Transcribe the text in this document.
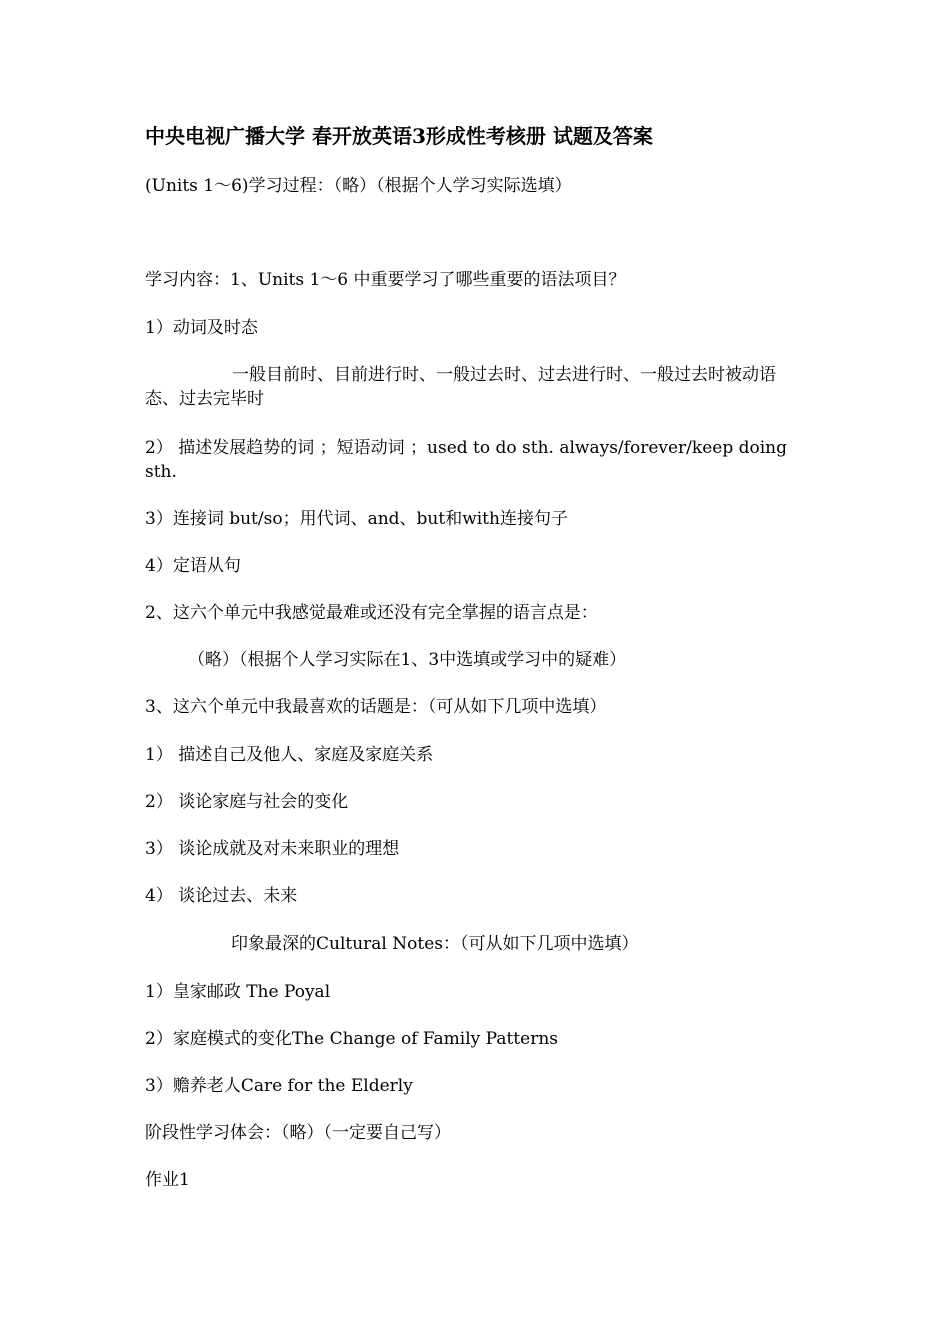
中央电视广播大学 春开放英语3形成性考核册 试题及答案

(Units 1～6)学习过程：（略）（根据个人学习实际选填）

学习内容：1、Units 1～6 中重要学习了哪些重要的语法项目？

1）动词及时态

一般目前时、目前进行时、一般过去时、过去进行时、一般过去时被动语态、过去完毕时

2） 描述发展趋势的词 ；短语动词 ；used to do sth. always/forever/keep doing sth.

3）连接词 but/so；用代词、and、but和with连接句子

4）定语从句

2、这六个单元中我感觉最难或还没有完全掌握的语言点是：

（略）（根据个人学习实际在1、3中选填或学习中的疑难）

3、这六个单元中我最喜欢的话题是：（可从如下几项中选填）

1） 描述自己及他人、家庭及家庭关系

2） 谈论家庭与社会的变化

3） 谈论成就及对未来职业的理想

4） 谈论过去、未来

印象最深的Cultural Notes：（可从如下几项中选填）

1）皇家邮政 The Poyal

2）家庭模式的变化The Change of Family Patterns

3）赡养老人Care for the Elderly

阶段性学习体会：（略）（一定要自己写）

作业1
